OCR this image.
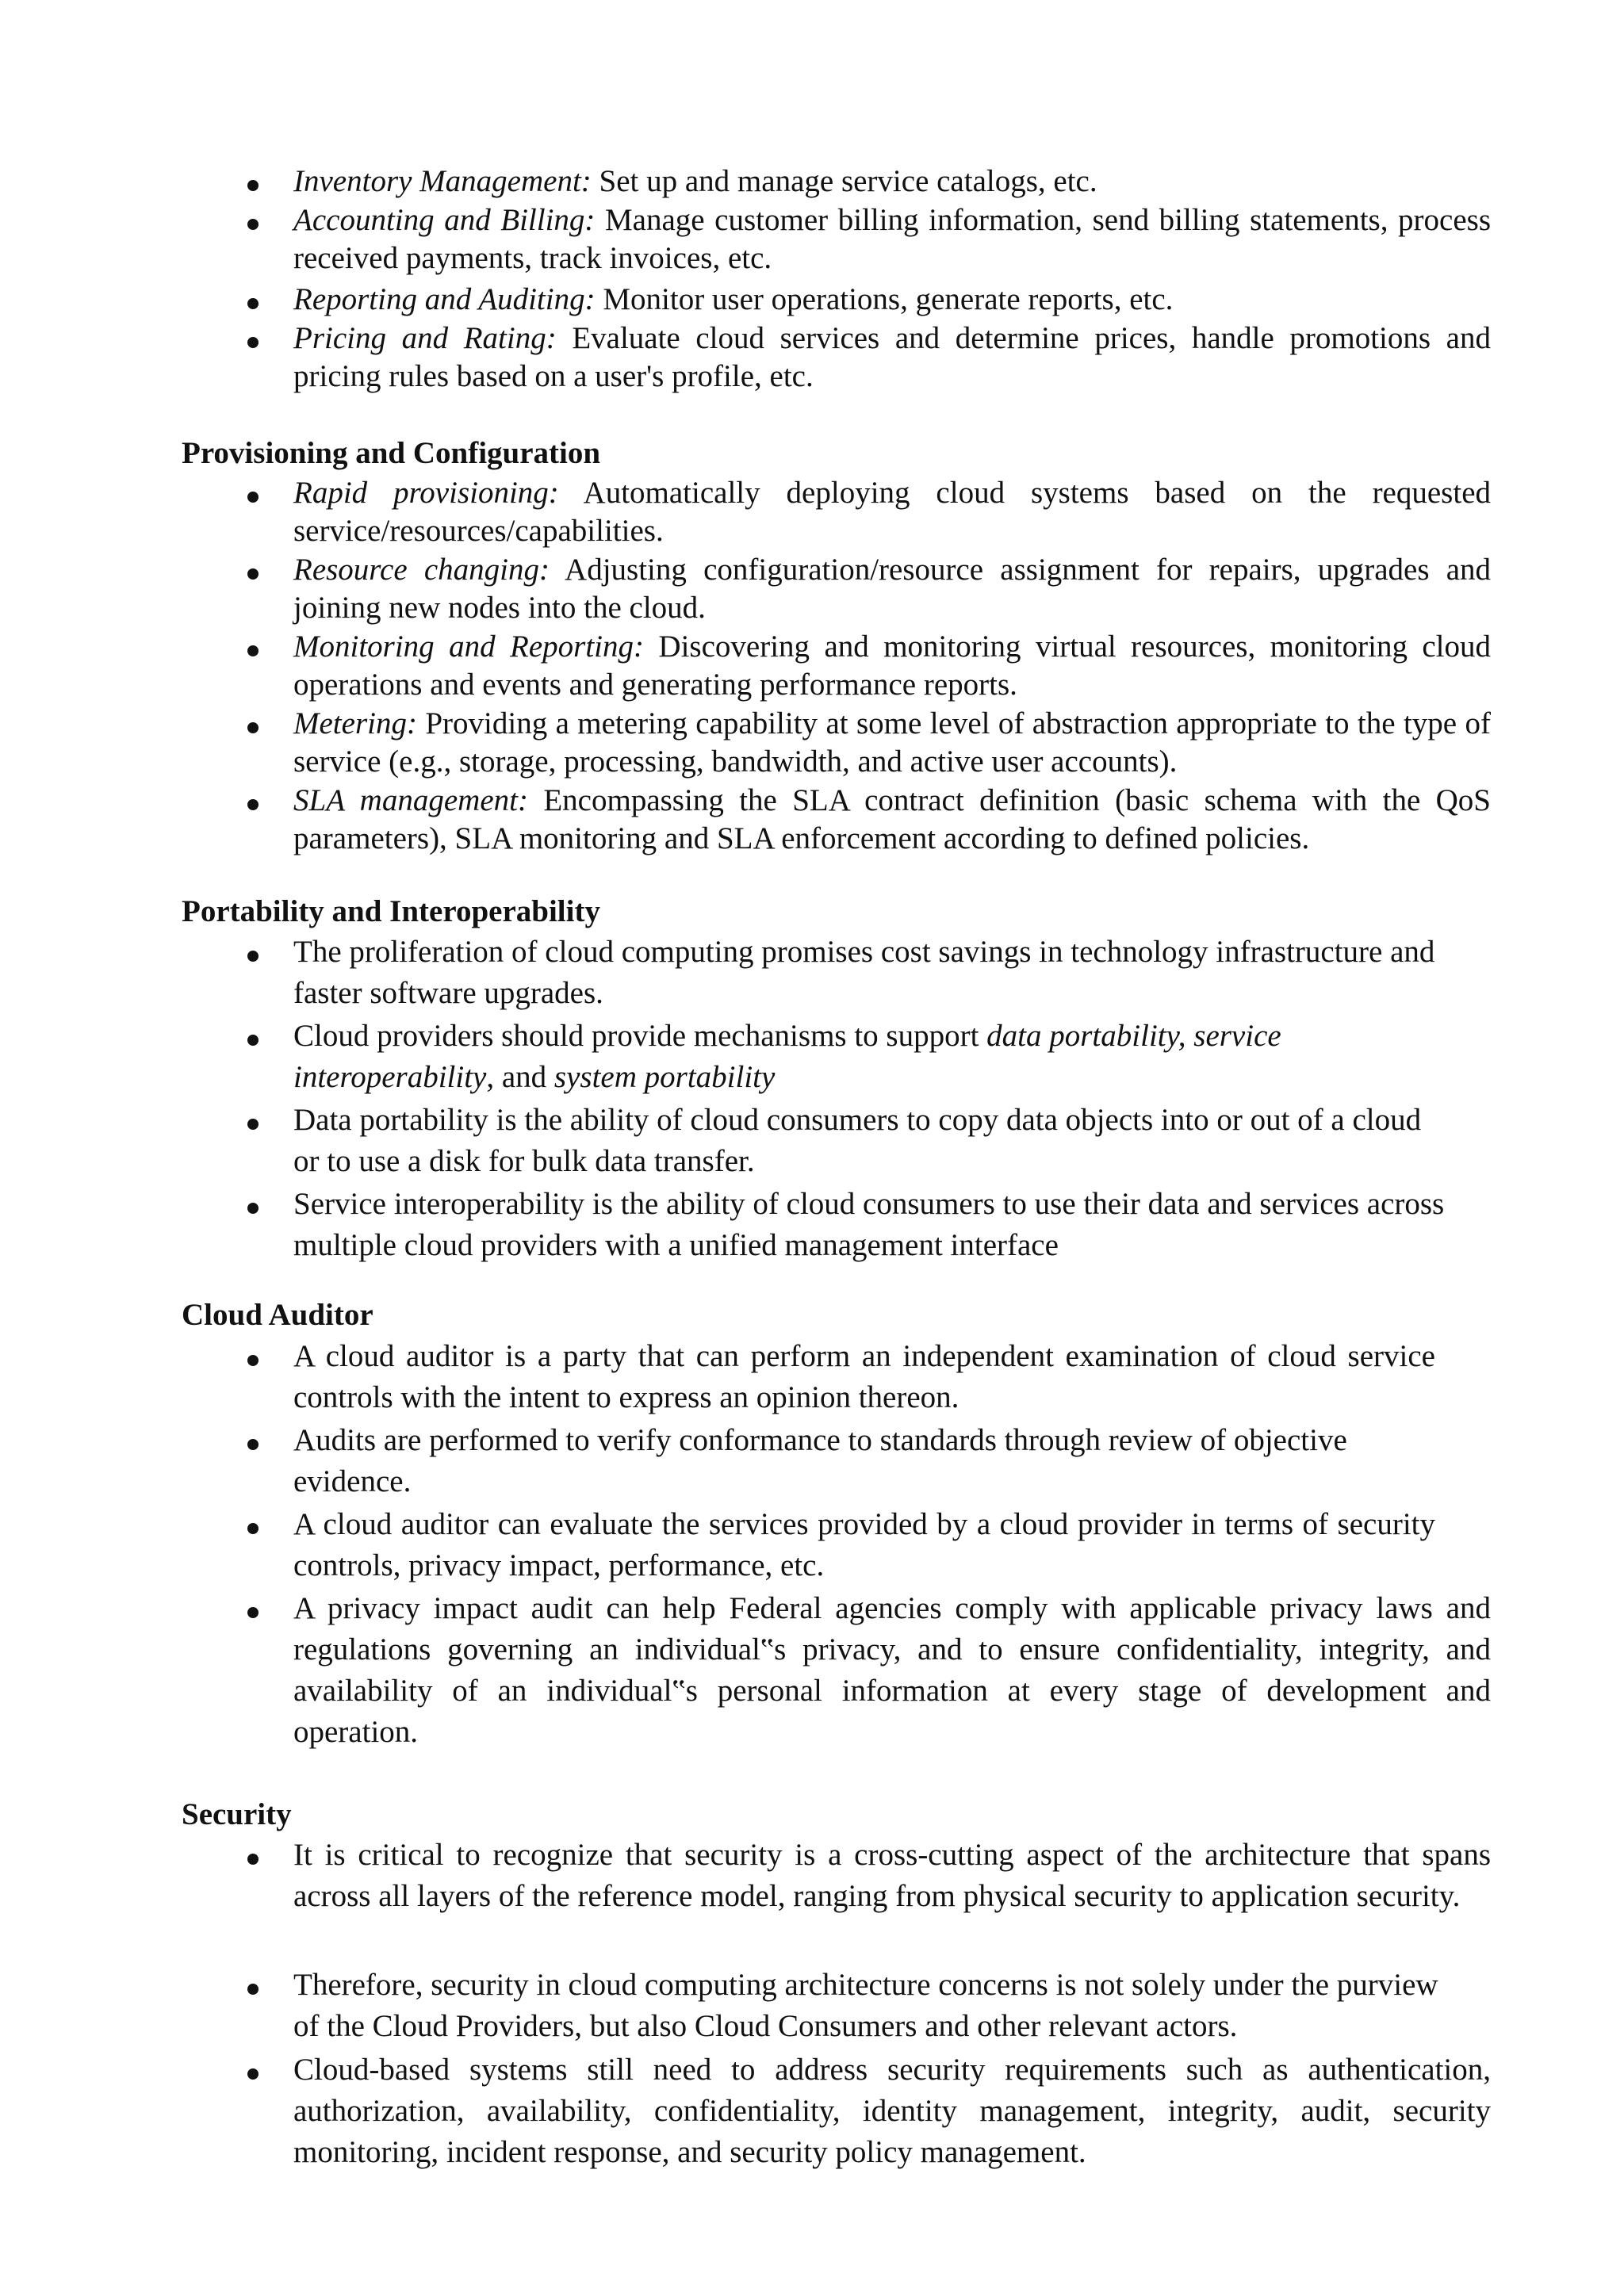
Inventory Management: Set up and manage service catalogs, etc.

Accounting and Billing: Manage customer billing information, send billing statements, process received payments, track invoices, etc.

Reporting and Auditing: Monitor user operations, generate reports, etc.

Pricing and Rating: Evaluate cloud services and determine prices, handle promotions and pricing rules based on a user's profile, etc.

Provisioning and Configuration

Rapid provisioning: Automatically deploying cloud systems based on the requested service/resources/capabilities.

Resource changing: Adjusting configuration/resource assignment for repairs, upgrades and joining new nodes into the cloud.

Monitoring and Reporting: Discovering and monitoring virtual resources, monitoring cloud operations and events and generating performance reports.

Metering: Providing a metering capability at some level of abstraction appropriate to the type of service (e.g., storage, processing, bandwidth, and active user accounts).

SLA management: Encompassing the SLA contract definition (basic schema with the QoS parameters), SLA monitoring and SLA enforcement according to defined policies.

Portability and Interoperability

The proliferation of cloud computing promises cost savings in technology infrastructure and faster software upgrades.

Cloud providers should provide mechanisms to support data portability, service interoperability, and system portability

Data portability is the ability of cloud consumers to copy data objects into or out of a cloud or to use a disk for bulk data transfer.

Service interoperability is the ability of cloud consumers to use their data and services across multiple cloud providers with a unified management interface

Cloud Auditor

A cloud auditor is a party that can perform an independent examination of cloud service controls with the intent to express an opinion thereon.

Audits are performed to verify conformance to standards through review of objective evidence.

A cloud auditor can evaluate the services provided by a cloud provider in terms of security controls, privacy impact, performance, etc.

A privacy impact audit can help Federal agencies comply with applicable privacy laws and regulations governing an individual‟s privacy, and to ensure confidentiality, integrity, and availability of an individual‟s personal information at every stage of development and operation.

Security

It is critical to recognize that security is a cross-cutting aspect of the architecture that spans across all layers of the reference model, ranging from physical security to application security.

Therefore, security in cloud computing architecture concerns is not solely under the purview of the Cloud Providers, but also Cloud Consumers and other relevant actors.

Cloud-based systems still need to address security requirements such as authentication, authorization, availability, confidentiality, identity management, integrity, audit, security monitoring, incident response, and security policy management.
